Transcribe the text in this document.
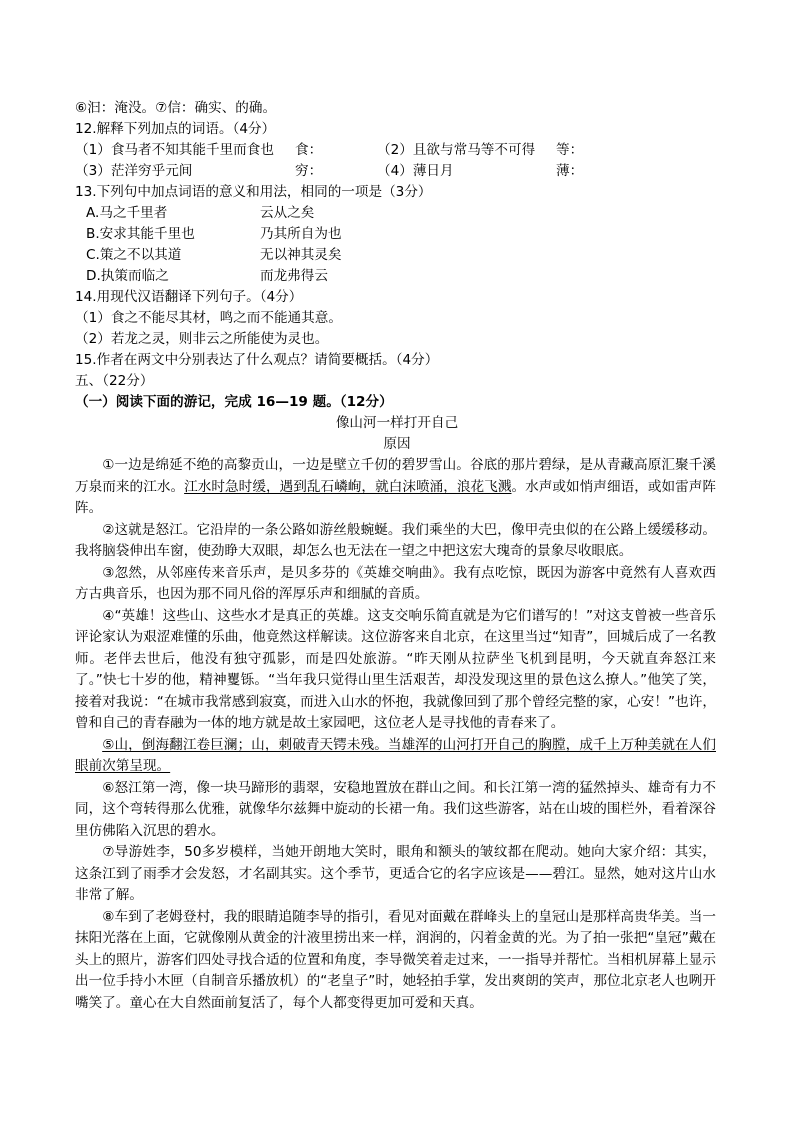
⑥汩：淹没。⑦信：确实、的确。
12.解释下列加点的词语。（4分）
（1）食马者不知其能千里而食也 食：	（2）且欲与常马等不可得 等：
（3）茫洋穷乎元间	穷：	（4）薄日月	薄：
13.下列句中加点词语的意义和用法，相同的一项是（3分）
A.马之千里者	云从之矣
B.安求其能千里也	乃其所自为也
C.策之不以其道	无以神其灵矣
D.执策而临之	而龙弗得云
14.用现代汉语翻译下列句子。（4分）
（1）食之不能尽其材，鸣之而不能通其意。
（2）若龙之灵，则非云之所能使为灵也。
15.作者在两文中分别表达了什么观点？请简要概括。（4分）
五、（22分）
（一）阅读下面的游记，完成 16—19 题。（12分）
像山河一样打开自己
原因

①一边是绵延不绝的高黎贡山，一边是壁立千仞的碧罗雪山。谷底的那片碧绿，是从青藏高原汇聚千溪万泉而来的江水。江水时急时缓，遇到乱石嶙峋，就白沫喷涌，浪花飞溅。水声或如悄声细语，或如雷声阵阵。

②这就是怒江。它沿岸的一条公路如游丝般蜿蜒。我们乘坐的大巴，像甲壳虫似的在公路上缓缓移动。我将脑袋伸出车窗，使劲睁大双眼，却怎么也无法在一望之中把这宏大瑰奇的景象尽收眼底。

③忽然，从邻座传来音乐声，是贝多芬的《英雄交响曲》。我有点吃惊，既因为游客中竟然有人喜欢西方古典音乐，也因为那不同凡俗的浑厚乐声和细腻的音质。

④“英雄！这些山、这些水才是真正的英雄。这支交响乐简直就是为它们谱写的！”对这支曾被一些音乐评论家认为艰涩难懂的乐曲，他竟然这样解读。这位游客来自北京，在这里当过“知青”，回城后成了一名教师。老伴去世后，他没有独守孤影，而是四处旅游。“昨天刚从拉萨坐飞机到昆明，今天就直奔怒江来了。”快七十岁的他，精神矍铄。“当年我只觉得山里生活艰苦，却没发现这里的景色这么撩人。”他笑了笑，接着对我说：“在城市我常感到寂寞，而进入山水的怀抱，我就像回到了那个曾经完整的家，心安！”也许，曾和自己的青春融为一体的地方就是故土家园吧，这位老人是寻找他的青春来了。

⑤山，倒海翻江卷巨澜；山，刺破青天锷未残。当雄浑的山河打开自己的胸膛，成千上万种美就在人们眼前次第呈现。

⑥怒江第一湾，像一块马蹄形的翡翠，安稳地置放在群山之间。和长江第一湾的猛然掉头、雄奇有力不同，这个弯转得那么优雅，就像华尔兹舞中旋动的长裙一角。我们这些游客，站在山坡的围栏外，看着深谷里仿佛陷入沉思的碧水。

⑦导游姓李，50多岁模样，当她开朗地大笑时，眼角和额头的皱纹都在爬动。她向大家介绍：其实，这条江到了雨季才会发怒，才名副其实。这个季节，更适合它的名字应该是——碧江。显然，她对这片山水非常了解。

⑧车到了老姆登村，我的眼睛追随李导的指引，看见对面戴在群峰头上的皇冠山是那样高贵华美。当一抹阳光落在上面，它就像刚从黄金的汁液里捞出来一样，润润的，闪着金黄的光。为了拍一张把“皇冠”戴在头上的照片，游客们四处寻找合适的位置和角度，李导微笑着走过来，一一指导并帮忙。当相机屏幕上显示出一位手持小木匣（自制音乐播放机）的“老皇子”时，她轻拍手掌，发出爽朗的笑声，那位北京老人也咧开嘴笑了。童心在大自然面前复活了，每个人都变得更加可爱和天真。
